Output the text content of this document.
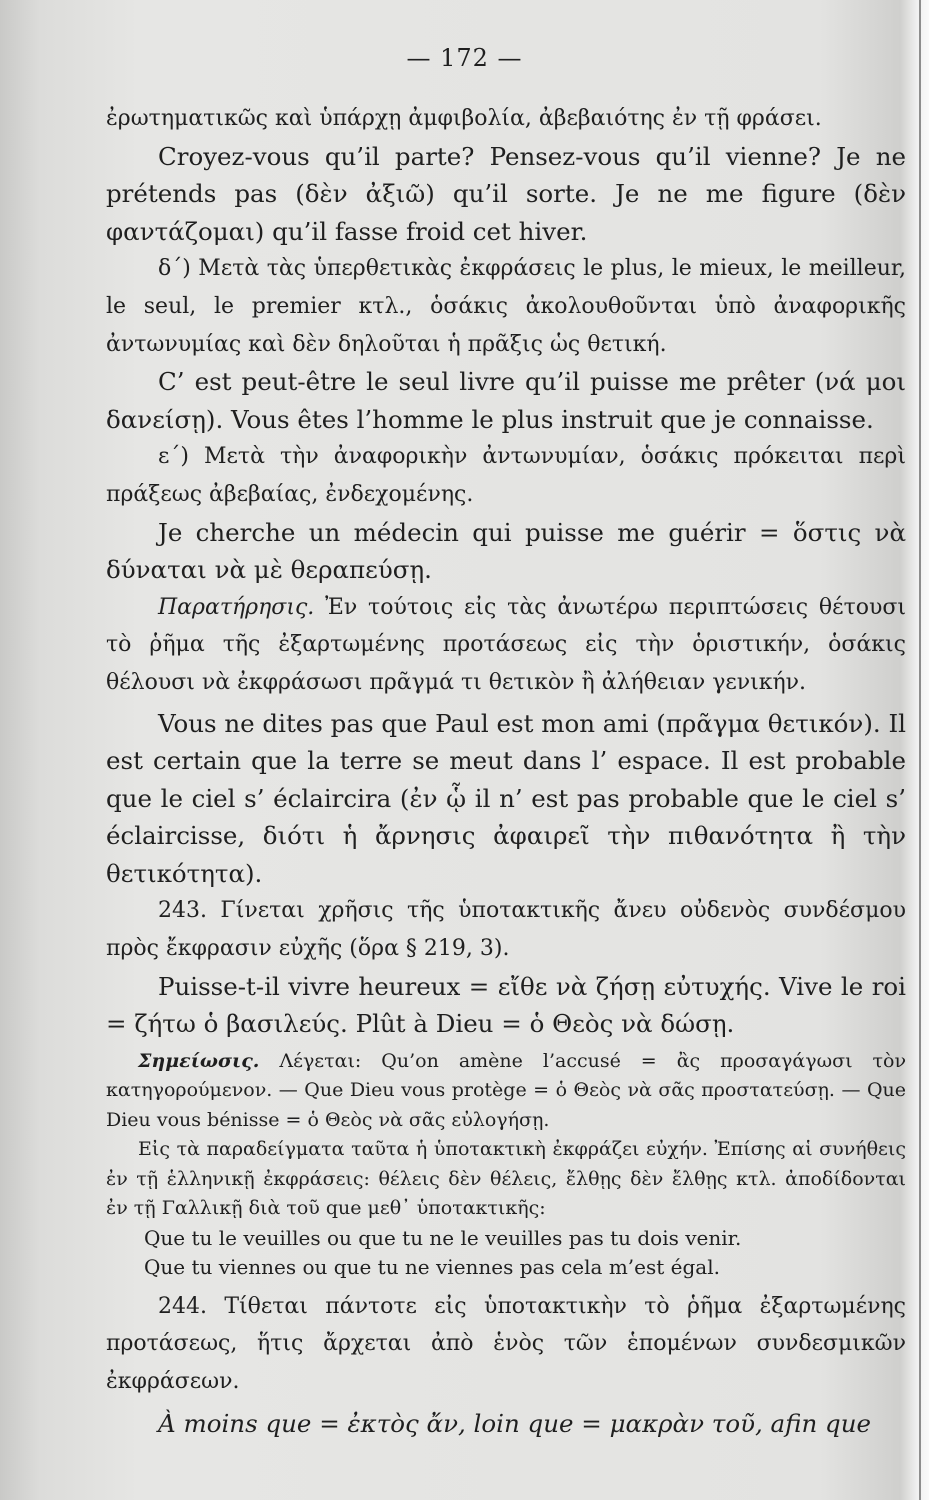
— 172 —

ἐρωτηματικῶς καὶ ὑπάρχῃ ἀμφιβολία, ἀβεβαιότης ἐν τῇ φράσει.

Croyez-vous qu’il parte? Pensez-vous qu’il vienne? Je ne prétends pas (δὲν ἀξιῶ) qu’il sorte. Je ne me figure (δὲν φαντάζομαι) qu’il fasse froid cet hiver.

δ΄) Μετὰ τὰς ὑπερθετικὰς ἐκφράσεις le plus, le mieux, le meilleur, le seul, le premier κτλ., ὁσάκις ἀκολουθοῦνται ὑπὸ ἀναφορικῆς ἀντωνυμίας καὶ δὲν δηλοῦται ἡ πρᾶξις ὡς θετική.

C’ est peut-être le seul livre qu’il puisse me prêter (νά μοι δανείσῃ). Vous êtes l’homme le plus instruit que je connaisse.

ε΄) Μετὰ τὴν ἀναφορικὴν ἀντωνυμίαν, ὁσάκις πρόκειται περὶ πράξεως ἀβεβαίας, ἐνδεχομένης.

Je cherche un médecin qui puisse me guérir = ὅστις νὰ δύναται νὰ μὲ θεραπεύσῃ.

Παρατήρησις. Ἐν τούτοις εἰς τὰς ἀνωτέρω περιπτώσεις θέτουσι τὸ ῥῆμα τῆς ἐξαρτωμένης προτάσεως εἰς τὴν ὁριστικήν, ὁσάκις θέλουσι νὰ ἐκφράσωσι πρᾶγμά τι θετικὸν ἢ ἀλήθειαν γενικήν.

Vous ne dites pas que Paul est mon ami (πρᾶγμα θετικόν). Il est certain que la terre se meut dans l’ espace. Il est probable que le ciel s’ éclaircira (ἐν ᾧ il n’ est pas probable que le ciel s’ éclaircisse, διότι ἡ ἄρνησις ἀφαιρεῖ τὴν πιθανότητα ἢ τὴν θετικότητα).

243. Γίνεται χρῆσις τῆς ὑποτακτικῆς ἄνευ οὐδενὸς συνδέσμου πρὸς ἔκφρασιν εὐχῆς (ὅρα § 219, 3).

Puisse-t-il vivre heureux = εἴθε νὰ ζήσῃ εὐτυχής. Vive le roi = ζήτω ὁ βασιλεύς. Plût à Dieu = ὁ Θεὸς νὰ δώσῃ.

Σημείωσις. Λέγεται: Qu’on amène l’accusé = ἂς προσαγάγωσι τὸν κατηγορούμενον. — Que Dieu vous protège = ὁ Θεὸς νὰ σᾶς προστατεύσῃ. — Que Dieu vous bénisse = ὁ Θεὸς νὰ σᾶς εὐλογήσῃ.

Εἰς τὰ παραδείγματα ταῦτα ἡ ὑποτακτικὴ ἐκφράζει εὐχήν. Ἐπίσης αἱ συνήθεις ἐν τῇ ἑλληνικῇ ἐκφράσεις: θέλεις δὲν θέλεις, ἔλθῃς δὲν ἔλθῃς κτλ. ἀποδίδονται ἐν τῇ Γαλλικῇ διὰ τοῦ que μεθ᾽ ὑποτακτικῆς:

Que tu le veuilles ou que tu ne le veuilles pas tu dois venir.

Que tu viennes ou que tu ne viennes pas cela m’est égal.

244. Τίθεται πάντοτε εἰς ὑποτακτικὴν τὸ ῥῆμα ἐξαρτωμένης προτάσεως, ἥτις ἄρχεται ἀπὸ ἑνὸς τῶν ἑπομένων συνδεσμικῶν ἐκφράσεων.

À moins que = ἐκτὸς ἄν, loin que = μακρὰν τοῦ, afin que
